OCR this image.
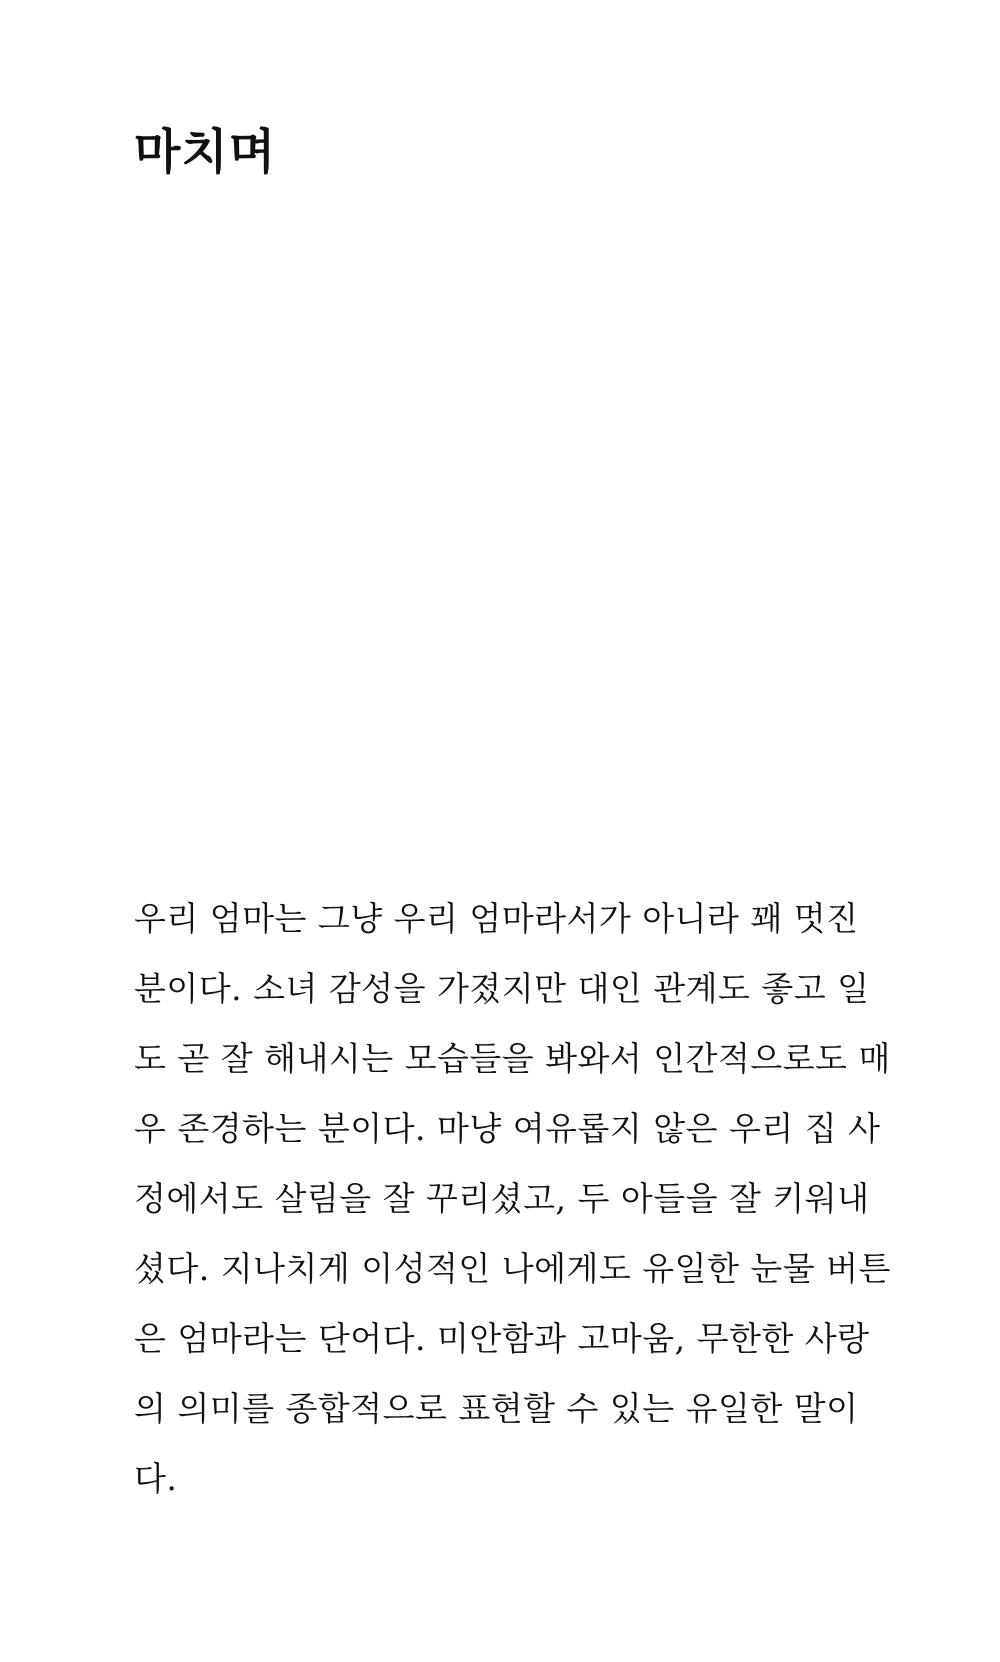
마치며
우리 엄마는 그냥 우리 엄마라서가 아니라 꽤 멋진
분이다. 소녀 감성을 가졌지만 대인 관계도 좋고 일
도 곧 잘 해내시는 모습들을 봐와서 인간적으로도 매
우 존경하는 분이다. 마냥 여유롭지 않은 우리 집 사
정에서도 살림을 잘 꾸리셨고, 두 아들을 잘 키워내
셨다. 지나치게 이성적인 나에게도 유일한 눈물 버튼
은 엄마라는 단어다. 미안함과 고마움, 무한한 사랑
의 의미를 종합적으로 표현할 수 있는 유일한 말이
다.
